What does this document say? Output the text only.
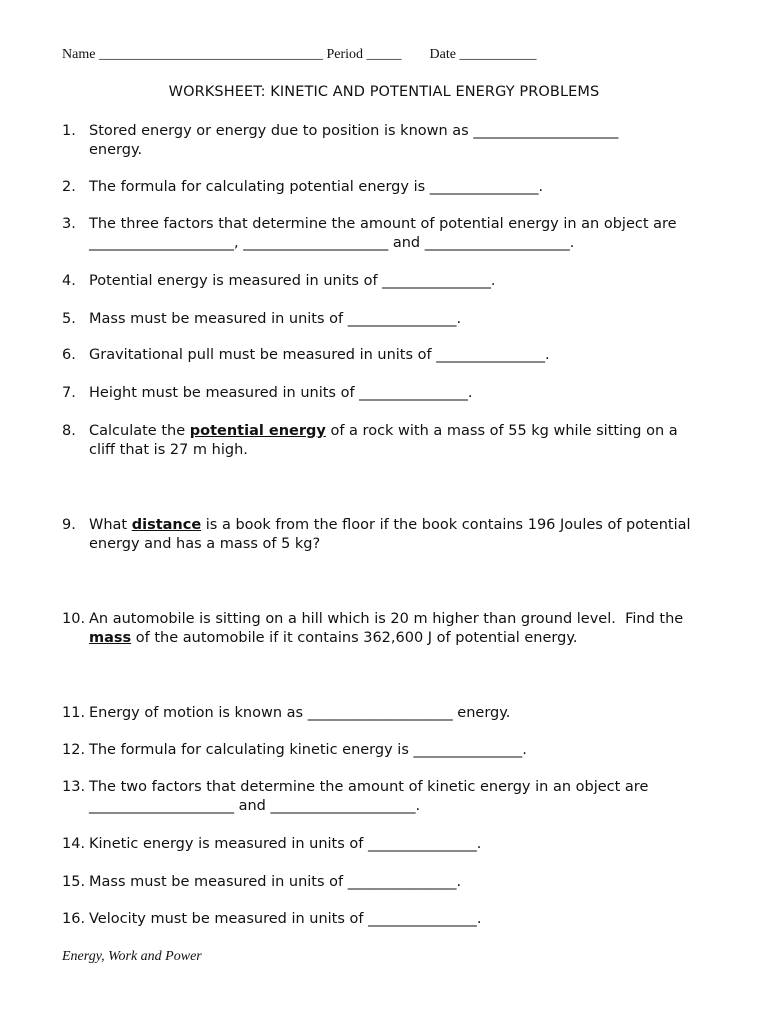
Name ________________________________ Period _____ Date ___________
WORKSHEET: KINETIC AND POTENTIAL ENERGY PROBLEMS
1. Stored energy or energy due to position is known as ____________________
energy.
2. The formula for calculating potential energy is _______________.
3. The three factors that determine the amount of potential energy in an object are
____________________, ____________________ and ____________________.
4. Potential energy is measured in units of _______________.
5. Mass must be measured in units of _______________.
6. Gravitational pull must be measured in units of _______________.
7. Height must be measured in units of _______________.
8. Calculate the potential energy of a rock with a mass of 55 kg while sitting on a
cliff that is 27 m high.
9. What distance is a book from the floor if the book contains 196 Joules of potential
energy and has a mass of 5 kg?
10. An automobile is sitting on a hill which is 20 m higher than ground level.  Find the
mass of the automobile if it contains 362,600 J of potential energy.
11. Energy of motion is known as ____________________ energy.
12. The formula for calculating kinetic energy is _______________.
13. The two factors that determine the amount of kinetic energy in an object are
____________________ and ____________________.
14. Kinetic energy is measured in units of _______________.
15. Mass must be measured in units of _______________.
16. Velocity must be measured in units of _______________.
Energy, Work and Power
